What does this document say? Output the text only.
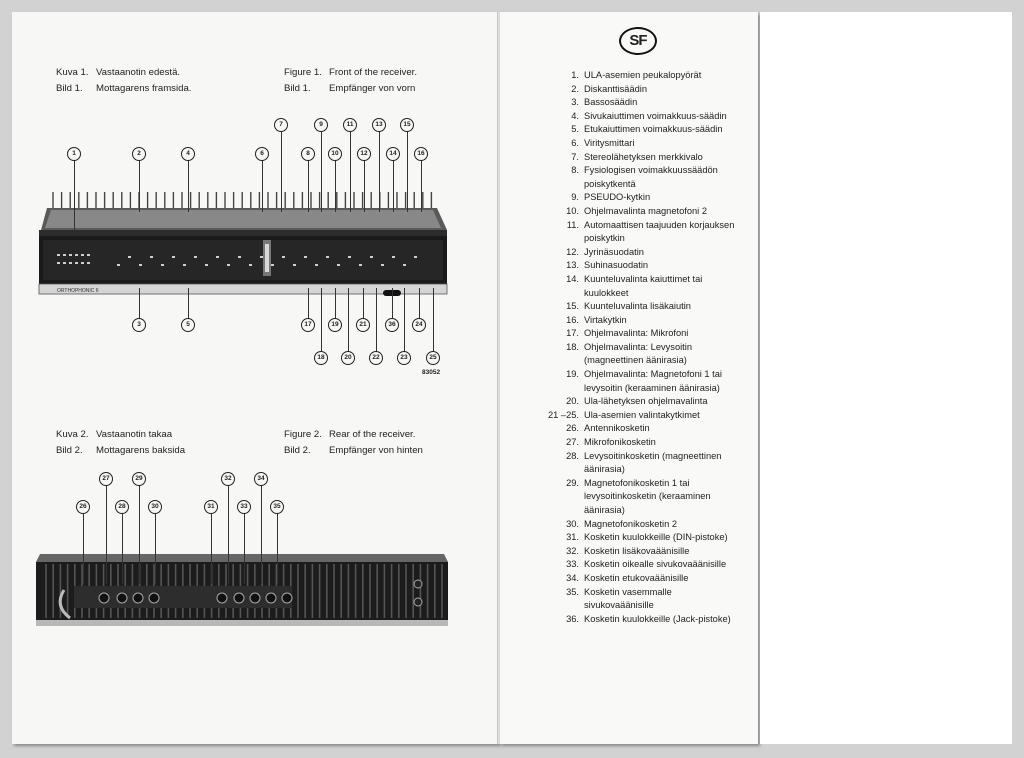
Kuva 1. Vastaanotin edestä.
Bild 1. Mottagarens framsida.
Figure 1. Front of the receiver.
Bild 1. Empfänger von vorn
ORTHOPHONIC 6
1	2	4	6
7
8
9
10
11
12
13
14
15
16
3	5	17
18
19
20
21
22
36
23
24
25
83052
Kuva 2. Vastaanotin takaa
Bild 2. Mottagarens baksida
Figure 2. Rear of the receiver.
Bild 2. Empfänger von hinten
26
27
28
29
30	31
32
33
34
35
SF
1. ULA-asemien peukalopyörät
2. Diskanttisäädin
3. Bassosäädin
4. Sivukaiuttimen voimakkuus-säädin
5. Etukaiuttimen voimakkuus-säädin
6. Viritysmittari
7. Stereolähetyksen merkkivalo
8. Fysiologisen voimakkuussäädön poiskytkentä
9. PSEUDO-kytkin
10. Ohjelmavalinta magnetofoni 2
11. Automaattisen taajuuden korjauksen poiskytkin
12. Jyrinäsuodatin
13. Suhinasuodatin
14. Kuunteluvalinta kaiuttimet tai kuulokkeet
15. Kuunteluvalinta lisäkaiutin
16. Virtakytkin
17. Ohjelmavalinta: Mikrofoni
18. Ohjelmavalinta: Levysoitin (magneettinen äänirasia)
19. Ohjelmavalinta: Magnetofoni 1 tai levysoitin (keraaminen äänirasia)
20. Ula-lähetyksen ohjelmavalinta
21 –25. Ula-asemien valintakytkimet
26. Antennikosketin
27. Mikrofonikosketin
28. Levysoitinkosketin (magneettinen äänirasia)
29. Magnetofonikosketin 1 tai levysoitinkosketin (keraaminen äänirasia)
30. Magnetofonikosketin 2
31. Kosketin kuulokkeille (DIN-pistoke)
32. Kosketin lisäkovaäänisille
33. Kosketin oikealle sivukovaäänisille
34. Kosketin etukovaäänisille
35. Kosketin vasemmalle sivukovaäänisille
36. Kosketin kuulokkeille (Jack-pistoke)
